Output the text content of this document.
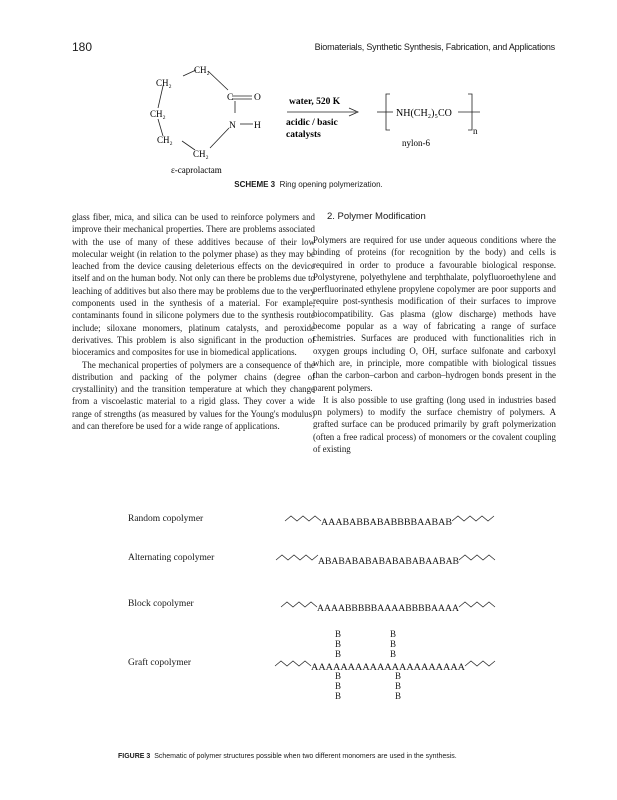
180	Biomaterials, Synthetic Synthesis, Fabrication, and Applications
CH₂
CH₂
CH₂
CH₂
CH₂
C O
N H
ε-caprolactam
water, 520 K
acidic / basic
catalysts
NH(CH₂)₅CO
n
nylon-6
SCHEME 3 Ring opening polymerization.

glass fiber, mica, and silica can be used to reinforce polymers and improve their mechanical properties. There are problems associated with the use of many of these additives because of their low molecular weight (in relation to the polymer phase) as they may be leached from the device causing deleterious effects on the device itself and on the human body. Not only can there be problems due to leaching of additives but also there may be problems due to the very components used in the synthesis of a material. For example, contaminants found in silicone polymers due to the synthesis route include; siloxane monomers, platinum catalysts, and peroxide derivatives. This problem is also significant in the production of bioceramics and composites for use in biomedical applications.

The mechanical properties of polymers are a consequence of the distribution and packing of the polymer chains (degree of crystallinity) and the transition temperature at which they change from a viscoelastic material to a rigid glass. They cover a wide range of strengths (as measured by values for the Young's modulus) and can therefore be used for a wide range of applications.

2. Polymer Modification

Polymers are required for use under aqueous conditions where the binding of proteins (for recognition by the body) and cells is required in order to produce a favourable biological response. Polystyrene, polyethylene and terphthalate, polyfluoroethylene and perfluorinated ethylene propylene copolymer are poor supports and require post-synthesis modification of their surfaces to improve biocompatibility. Gas plasma (glow discharge) methods have become popular as a way of fabricating a range of surface chemistries. Surfaces are produced with functionalities rich in oxygen groups including O, OH, surface sulfonate and carboxyl which are, in principle, more compatible with biological tissues than the carbon–carbon and carbon–hydrogen bonds present in the parent polymers.

It is also possible to use grafting (long used in industries based on polymers) to modify the surface chemistry of polymers. A grafted surface can be produced primarily by graft polymerization (often a free radical process) of monomers or the covalent coupling of existing

Random copolymer
Alternating copolymer
Block copolymer
Graft copolymer
AAABABBABABBBBAABAB
ABABABABABABABABAABAB
AAAABBBBBAAAABBBBAAAA
AAAAAAAAAAAAAAAAAAAAA
B
B
B
B
B
B
B
B
B
B
B
B
FIGURE 3 Schematic of polymer structures possible when two different monomers are used in the synthesis.
